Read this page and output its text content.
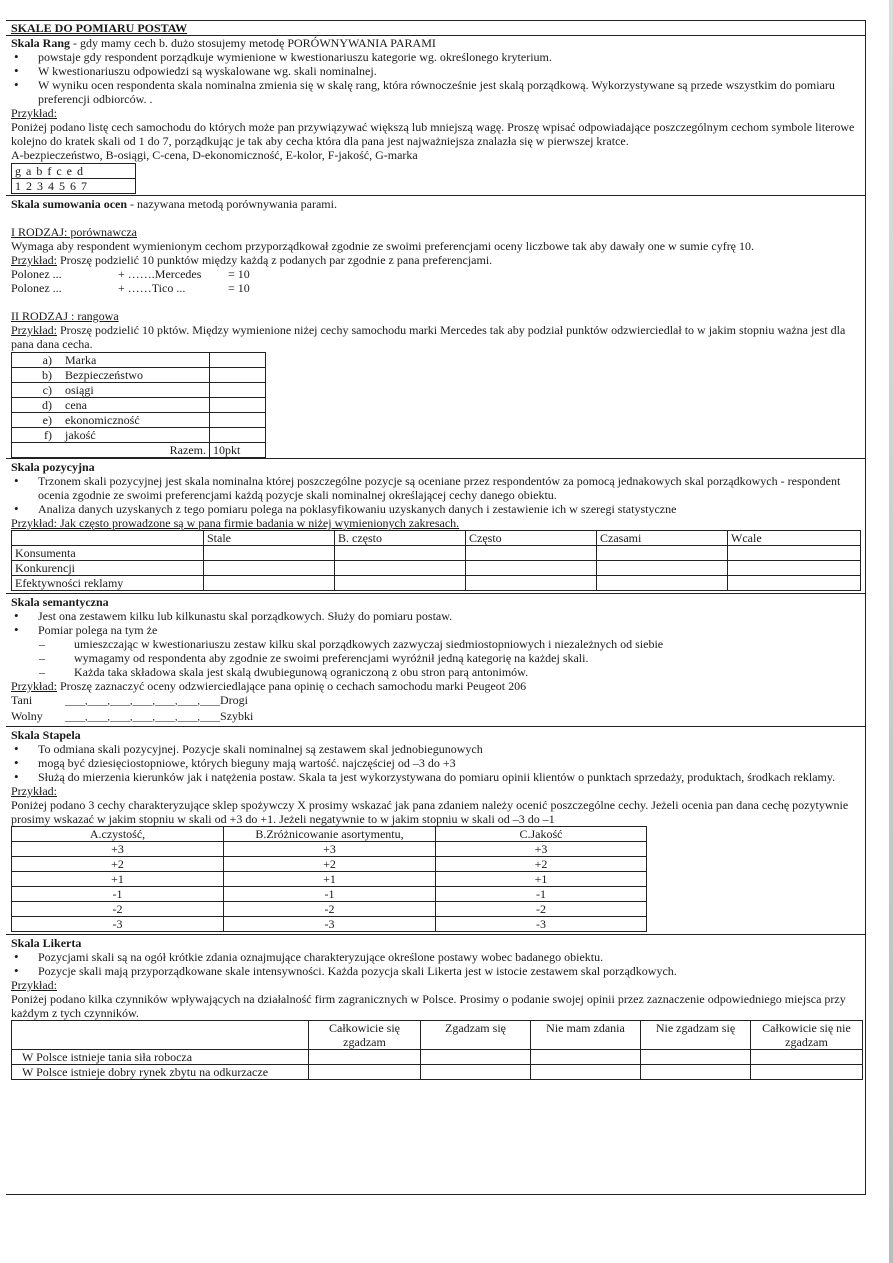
SKALE DO POMIARU POSTAW
Skala Rang - gdy mamy cech b. dużo stosujemy metodę PORÓWNYWANIA PARAMI
• powstaje gdy respondent porządkuje wymienione w kwestionariuszu kategorie wg. określonego kryterium.
• W kwestionariuszu odpowiedzi są wyskalowane wg. skali nominalnej.
• W wyniku ocen respondenta skala nominalna zmienia się w skalę rang, która równocześnie jest skalą porządkową. Wykorzystywane są przede wszystkim do pomiaru preferencji odbiorców. .
Przykład:
Poniżej podano listę cech samochodu do których może pan przywiązywać większą lub mniejszą wagę. Proszę wpisać odpowiadające poszczególnym cechom symbole literowe kolejno do kratek skali od 1 do 7, porządkując je tak aby cecha która dla pana jest najważniejsza znalazła się w pierwszej kratce.
A-bezpieczeństwo, B-osiągi, C-cena, D-ekonomiczność, E-kolor, F-jakość, G-marka
g a b f c e d
1 2 3 4 5 6 7
Skala sumowania ocen - nazywana metodą porównywania parami.
I RODZAJ: porównawcza
Wymaga aby respondent wymienionym cechom przyporządkował zgodnie ze swoimi preferencjami oceny liczbowe tak aby dawały one w sumie cyfrę 10.
Przykład: Proszę podzielić 10 punktów między każdą z podanych par zgodnie z pana preferencjami.
Polonez ...	+ …….Mercedes = 10
Polonez ...	+ ……Tico ...	= 10
II RODZAJ : rangowa
Przykład: Proszę podzielić 10 pktów. Między wymienione niżej cechy samochodu marki Mercedes tak aby podział punktów odzwierciedlał to w jakim stopniu ważna jest dla pana dana cecha.
a) Marka	
b) Bezpieczeństwo	
c) osiągi	
d) cena	
e) ekonomiczność	
f) jakość	
Razem.	10pkt
Skala pozycyjna
• Trzonem skali pozycyjnej jest skala nominalna której poszczególne pozycje są oceniane przez respondentów za pomocą jednakowych skal porządkowych - respondent ocenia zgodnie ze swoimi preferencjami każdą pozycje skali nominalnej określającej cechy danego obiektu.
• Analiza danych uzyskanych z tego pomiaru polega na poklasyfikowaniu uzyskanych danych i zestawienie ich w szeregi statystyczne
Przykład: Jak często prowadzone są w pana firmie badania w niżej wymienionych zakresach.
	Stale	B. często	Często	Czasami	Wcale
Konsumenta					
Konkurencji					
Efektywności reklamy					
Skala semantyczna
• Jest ona zestawem kilku lub kilkunastu skal porządkowych. Służy do pomiaru postaw.
• Pomiar polega na tym że
– umieszczając w kwestionariuszu zestaw kilku skal porządkowych zazwyczaj siedmiostopniowych i niezależnych od siebie
– wymagamy od respondenta aby zgodnie ze swoimi preferencjami wyróżnił jedną kategorię na każdej skali.
– Każda taka składowa skala jest skalą dwubiegunową ograniczoną z obu stron parą antonimów.
Przykład: Proszę zaznaczyć oceny odzwierciedlające pana opinię o cechach samochodu marki Peugeot 206
Tani	____,____,____,____,____,____,____Drogi
Wolny ____,____,____,____,____,____,____Szybki
Skala Stapela
• To odmiana skali pozycyjnej. Pozycje skali nominalnej są zestawem skal jednobiegunowych
• mogą być dziesięciostopniowe, których bieguny mają wartość. najczęściej od –3 do +3
• Służą do mierzenia kierunków jak i natężenia postaw. Skala ta jest wykorzystywana do pomiaru opinii klientów o punktach sprzedaży, produktach, środkach reklamy.
Przykład:
Poniżej podano 3 cechy charakteryzujące sklep spożywczy X prosimy wskazać jak pana zdaniem należy ocenić poszczególne cechy. Jeżeli ocenia pan dana cechę pozytywnie prosimy wskazać w jakim stopniu w skali od +3 do +1. Jeżeli negatywnie to w jakim stopniu w skali od –3 do –1
A.czystość,	B.Zróżnicowanie asortymentu,	C.Jakość
+3	+3	+3
+2	+2	+2
+1	+1	+1
-1	-1	-1
-2	-2	-2
-3	-3	-3
Skala Likerta
• Pozycjami skali są na ogół krótkie zdania oznajmujące charakteryzujące określone postawy wobec badanego obiektu.
• Pozycje skali mają przyporządkowane skale intensywności. Każda pozycja skali Likerta jest w istocie zestawem skal porządkowych.
Przykład:
Poniżej podano kilka czynników wpływających na działalność firm zagranicznych w Polsce. Prosimy o podanie swojej opinii przez zaznaczenie odpowiedniego miejsca przy każdym z tych czynników.
	Całkowicie się zgadzam	Zgadzam się	Nie mam zdania	Nie zgadzam się	Całkowicie się nie zgadzam
W Polsce istnieje tania siła robocza					
W Polsce istnieje dobry rynek zbytu na odkurzacze					
